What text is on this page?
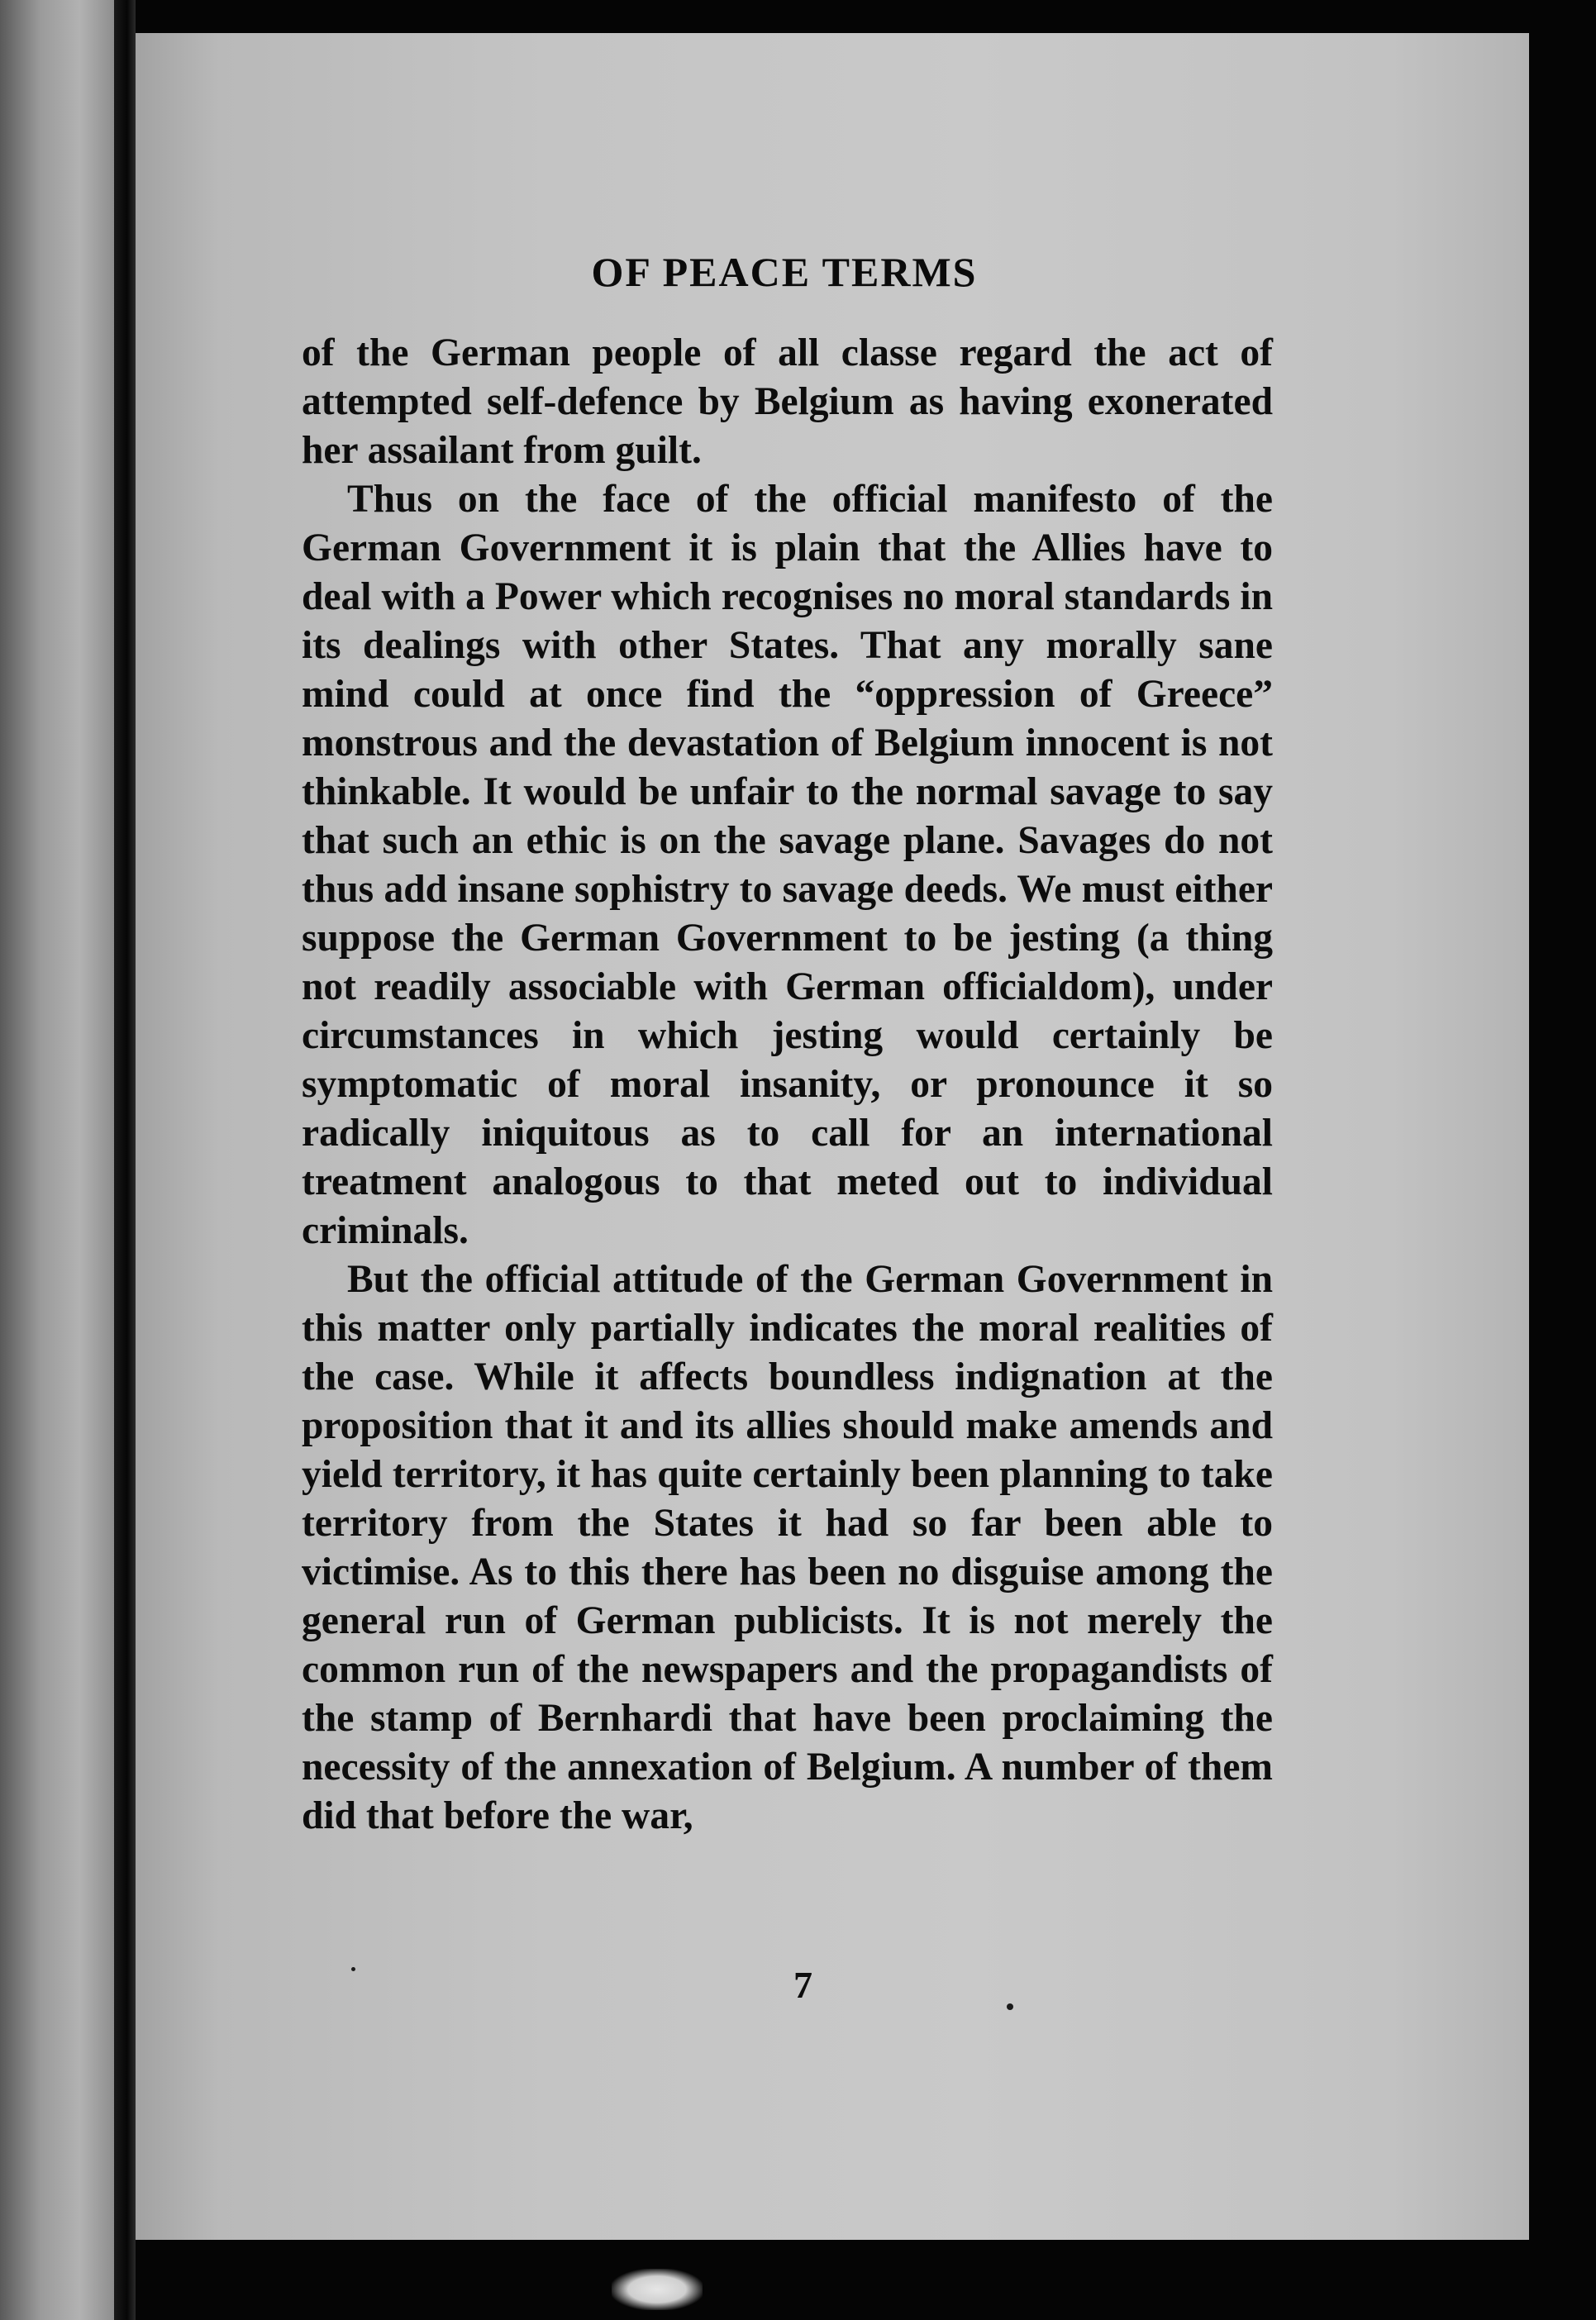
OF PEACE TERMS

of the German people of all classe regard the act of attempted self-defence by Belgium as having exonerated her assailant from guilt.

Thus on the face of the official manifesto of the German Government it is plain that the Allies have to deal with a Power which recognises no moral standards in its dealings with other States. That any morally sane mind could at once find the “oppression of Greece” monstrous and the devastation of Belgium innocent is not thinkable. It would be unfair to the normal savage to say that such an ethic is on the savage plane. Savages do not thus add insane sophistry to savage deeds. We must either suppose the German Government to be jesting (a thing not readily associable with German officialdom), under circumstances in which jesting would certainly be symptomatic of moral insanity, or pronounce it so radically iniquitous as to call for an international treatment analogous to that meted out to individual criminals.

But the official attitude of the German Government in this matter only partially indicates the moral realities of the case. While it affects boundless indignation at the proposition that it and its allies should make amends and yield territory, it has quite certainly been planning to take territory from the States it had so far been able to victimise. As to this there has been no disguise among the general run of German publicists. It is not merely the common run of the newspapers and the propagandists of the stamp of Bernhardi that have been proclaiming the necessity of the annexation of Belgium. A number of them did that before the war,

7
